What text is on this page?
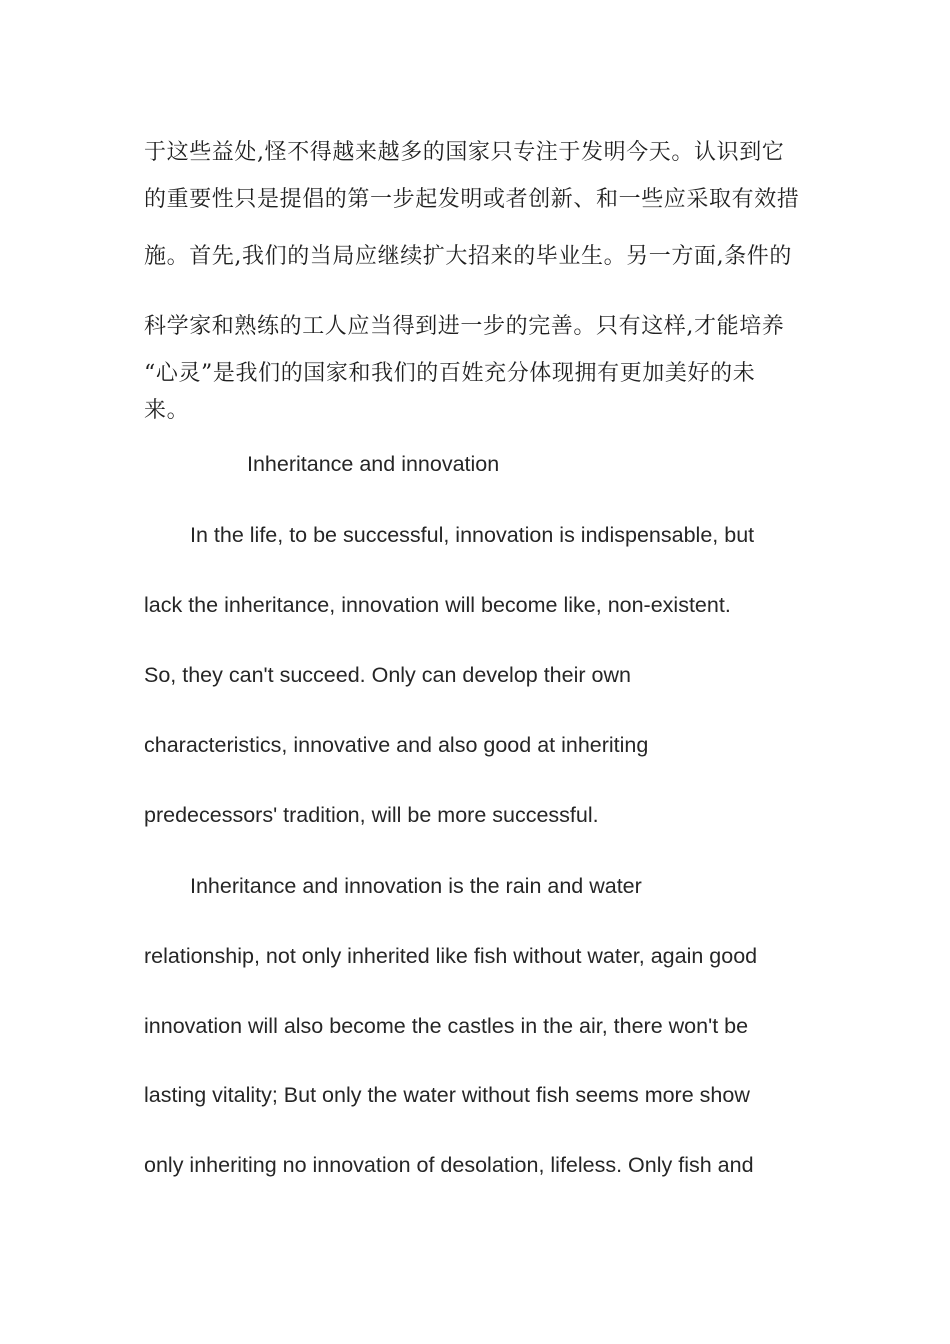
于这些益处,怪不得越来越多的国家只专注于发明今天。认识到它

的重要性只是提倡的第一步起发明或者创新、和一些应采取有效措

施。首先,我们的当局应继续扩大招来的毕业生。另一方面,条件的

科学家和熟练的工人应当得到进一步的完善。只有这样,才能培养

“心灵”是我们的国家和我们的百姓充分体现拥有更加美好的未

来。

Inheritance and innovation

In the life, to be successful, innovation is indispensable, but

lack the inheritance, innovation will become like, non-existent.

So, they can't succeed. Only can develop their own

characteristics, innovative and also good at inheriting

predecessors' tradition, will be more successful.

Inheritance and innovation is the rain and water

relationship, not only inherited like fish without water, again good

innovation will also become the castles in the air, there won't be

lasting vitality; But only the water without fish seems more show

only inheriting no innovation of desolation, lifeless. Only fish and
